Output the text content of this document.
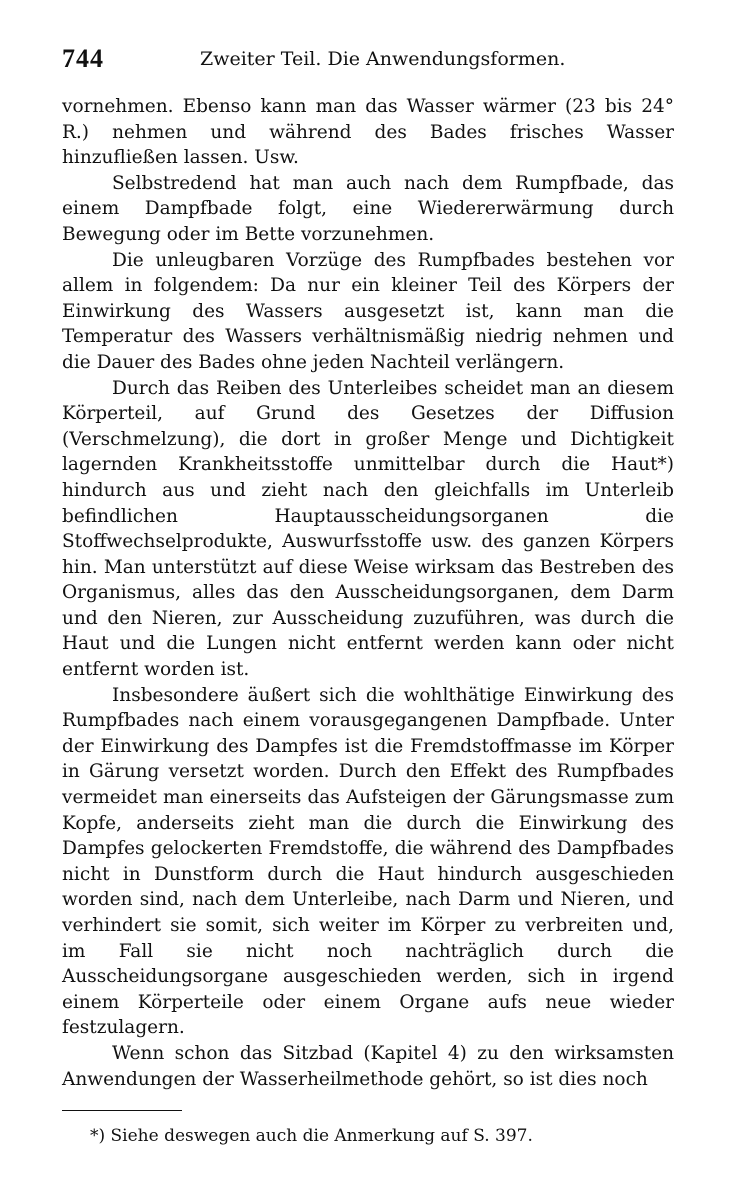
744	Zweiter Teil. Die Anwendungsformen.

vornehmen. Ebenso kann man das Wasser wärmer (23 bis 24° R.) nehmen und während des Bades frisches Wasser hinzufließen lassen. Usw.

Selbstredend hat man auch nach dem Rumpfbade, das einem Dampfbade folgt, eine Wiedererwärmung durch Bewegung oder im Bette vorzunehmen.

Die unleugbaren Vorzüge des Rumpfbades bestehen vor allem in folgendem: Da nur ein kleiner Teil des Körpers der Einwirkung des Wassers ausgesetzt ist, kann man die Temperatur des Wassers verhältnismäßig niedrig nehmen und die Dauer des Bades ohne jeden Nachteil verlängern.

Durch das Reiben des Unterleibes scheidet man an diesem Körperteil, auf Grund des Gesetzes der Diffusion (Verschmelzung), die dort in großer Menge und Dichtigkeit lagernden Krankheitsstoffe unmittelbar durch die Haut*) hindurch aus und zieht nach den gleichfalls im Unterleib befindlichen Hauptausscheidungsorganen die Stoffwechselprodukte, Auswurfsstoffe usw. des ganzen Körpers hin. Man unterstützt auf diese Weise wirksam das Bestreben des Organismus, alles das den Ausscheidungsorganen, dem Darm und den Nieren, zur Ausscheidung zuzuführen, was durch die Haut und die Lungen nicht entfernt werden kann oder nicht entfernt worden ist.

Insbesondere äußert sich die wohlthätige Einwirkung des Rumpfbades nach einem vorausgegangenen Dampfbade. Unter der Einwirkung des Dampfes ist die Fremdstoffmasse im Körper in Gärung versetzt worden. Durch den Effekt des Rumpfbades vermeidet man einerseits das Aufsteigen der Gärungsmasse zum Kopfe, anderseits zieht man die durch die Einwirkung des Dampfes gelockerten Fremdstoffe, die während des Dampfbades nicht in Dunstform durch die Haut hindurch ausgeschieden worden sind, nach dem Unterleibe, nach Darm und Nieren, und verhindert sie somit, sich weiter im Körper zu verbreiten und, im Fall sie nicht noch nachträglich durch die Ausscheidungsorgane ausgeschieden werden, sich in irgend einem Körperteile oder einem Organe aufs neue wieder festzulagern.

Wenn schon das Sitzbad (Kapitel 4) zu den wirksamsten Anwendungen der Wasserheilmethode gehört, so ist dies noch

*) Siehe deswegen auch die Anmerkung auf S. 397.
